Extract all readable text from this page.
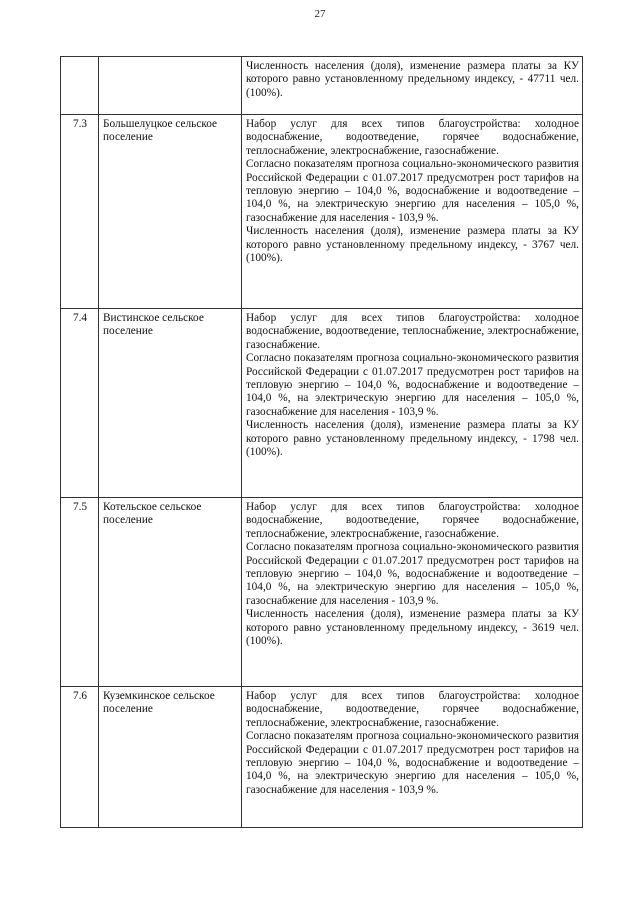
27

		Численность населения (доля), изменение размера платы за КУ которого равно установленному предельному индексу, - 47711 чел. (100%).

7.3	Большелуцкое сельское поселение	Набор услуг для всех типов благоустройства: холодное водоснабжение, водоотведение, горячее водоснабжение, теплоснабжение, электроснабжение, газоснабжение.

Согласно показателям прогноза социально-экономического развития Российской Федерации с 01.07.2017 предусмотрен рост тарифов на тепловую энергию – 104,0 %, водоснабжение и водоотведение – 104,0 %, на электрическую энергию для населения – 105,0 %, газоснабжение для населения - 103,9 %.

Численность населения (доля), изменение размера платы за КУ которого равно установленному предельному индексу, - 3767 чел. (100%).

7.4	Вистинское сельское поселение	Набор услуг для всех типов благоустройства: холодное водоснабжение, водоотведение, теплоснабжение, электроснабжение, газоснабжение.

Согласно показателям прогноза социально-экономического развития Российской Федерации с 01.07.2017 предусмотрен рост тарифов на тепловую энергию – 104,0 %, водоснабжение и водоотведение – 104,0 %, на электрическую энергию для населения – 105,0 %, газоснабжение для населения - 103,9 %.

Численность населения (доля), изменение размера платы за КУ которого равно установленному предельному индексу, - 1798 чел. (100%).

7.5	Котельское сельское поселение	Набор услуг для всех типов благоустройства: холодное водоснабжение, водоотведение, горячее водоснабжение, теплоснабжение, электроснабжение, газоснабжение.

Согласно показателям прогноза социально-экономического развития Российской Федерации с 01.07.2017 предусмотрен рост тарифов на тепловую энергию – 104,0 %, водоснабжение и водоотведение – 104,0 %, на электрическую энергию для населения – 105,0 %, газоснабжение для населения - 103,9 %.

Численность населения (доля), изменение размера платы за КУ которого равно установленному предельному индексу, - 3619 чел. (100%).

7.6	Куземкинское сельское поселение	Набор услуг для всех типов благоустройства: холодное водоснабжение, водоотведение, горячее водоснабжение, теплоснабжение, электроснабжение, газоснабжение.

Согласно показателям прогноза социально-экономического развития Российской Федерации с 01.07.2017 предусмотрен рост тарифов на тепловую энергию – 104,0 %, водоснабжение и водоотведение – 104,0 %, на электрическую энергию для населения – 105,0 %, газоснабжение для населения - 103,9 %.
